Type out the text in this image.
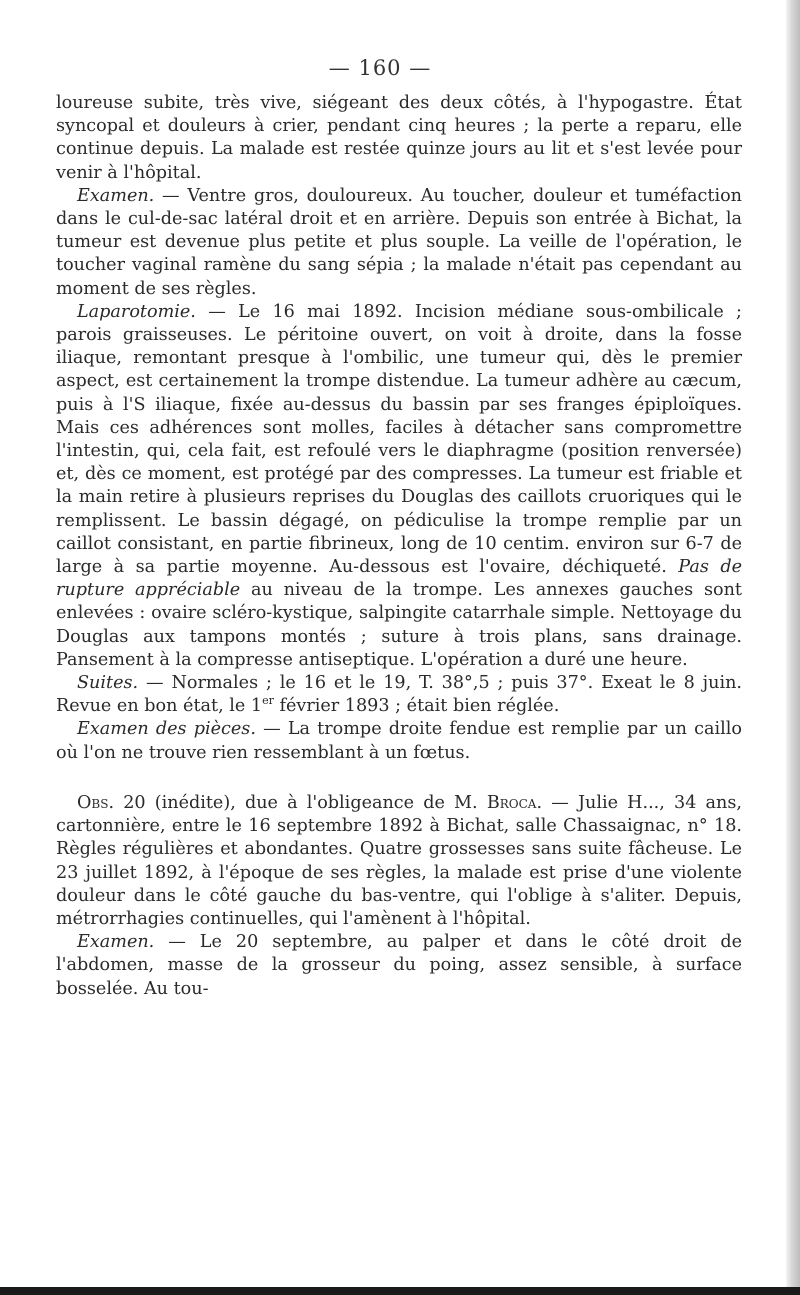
— 160 —

loureuse subite, très vive, siégeant des deux côtés, à l'hypogastre. État syncopal et douleurs à crier, pendant cinq heures ; la perte a reparu, elle continue depuis. La malade est restée quinze jours au lit et s'est levée pour venir à l'hôpital.

Examen. — Ventre gros, douloureux. Au toucher, douleur et tuméfaction dans le cul-de-sac latéral droit et en arrière. Depuis son entrée à Bichat, la tumeur est devenue plus petite et plus souple. La veille de l'opération, le toucher vaginal ramène du sang sépia ; la malade n'était pas cependant au moment de ses règles.

Laparotomie. — Le 16 mai 1892. Incision médiane sous-ombilicale ; parois graisseuses. Le péritoine ouvert, on voit à droite, dans la fosse iliaque, remontant presque à l'ombilic, une tumeur qui, dès le premier aspect, est certainement la trompe distendue. La tumeur adhère au cæcum, puis à l'S iliaque, fixée au-dessus du bassin par ses franges épiploïques. Mais ces adhérences sont molles, faciles à détacher sans compromettre l'intestin, qui, cela fait, est refoulé vers le diaphragme (position renversée) et, dès ce moment, est protégé par des compresses. La tumeur est friable et la main retire à plusieurs reprises du Douglas des caillots cruoriques qui le remplissent. Le bassin dégagé, on pédiculise la trompe remplie par un caillot consistant, en partie fibrineux, long de 10 centim. environ sur 6-7 de large à sa partie moyenne. Au-dessous est l'ovaire, déchiqueté. Pas de rupture appréciable au niveau de la trompe. Les annexes gauches sont enlevées : ovaire scléro-kystique, salpingite catarrhale simple. Nettoyage du Douglas aux tampons montés ; suture à trois plans, sans drainage. Pansement à la compresse antiseptique. L'opération a duré une heure.

Suites. — Normales ; le 16 et le 19, T. 38°,5 ; puis 37°. Exeat le 8 juin. Revue en bon état, le 1er février 1893 ; était bien réglée.

Examen des pièces. — La trompe droite fendue est remplie par un caillo où l'on ne trouve rien ressemblant à un fœtus.

Obs. 20 (inédite), due à l'obligeance de M. Broca. — Julie H..., 34 ans, cartonnière, entre le 16 septembre 1892 à Bichat, salle Chassaignac, n° 18. Règles régulières et abondantes. Quatre grossesses sans suite fâcheuse. Le 23 juillet 1892, à l'époque de ses règles, la malade est prise d'une violente douleur dans le côté gauche du bas-ventre, qui l'oblige à s'aliter. Depuis, métrorrhagies continuelles, qui l'amènent à l'hôpital.

Examen. — Le 20 septembre, au palper et dans le côté droit de l'abdomen, masse de la grosseur du poing, assez sensible, à surface bosselée. Au tou-
